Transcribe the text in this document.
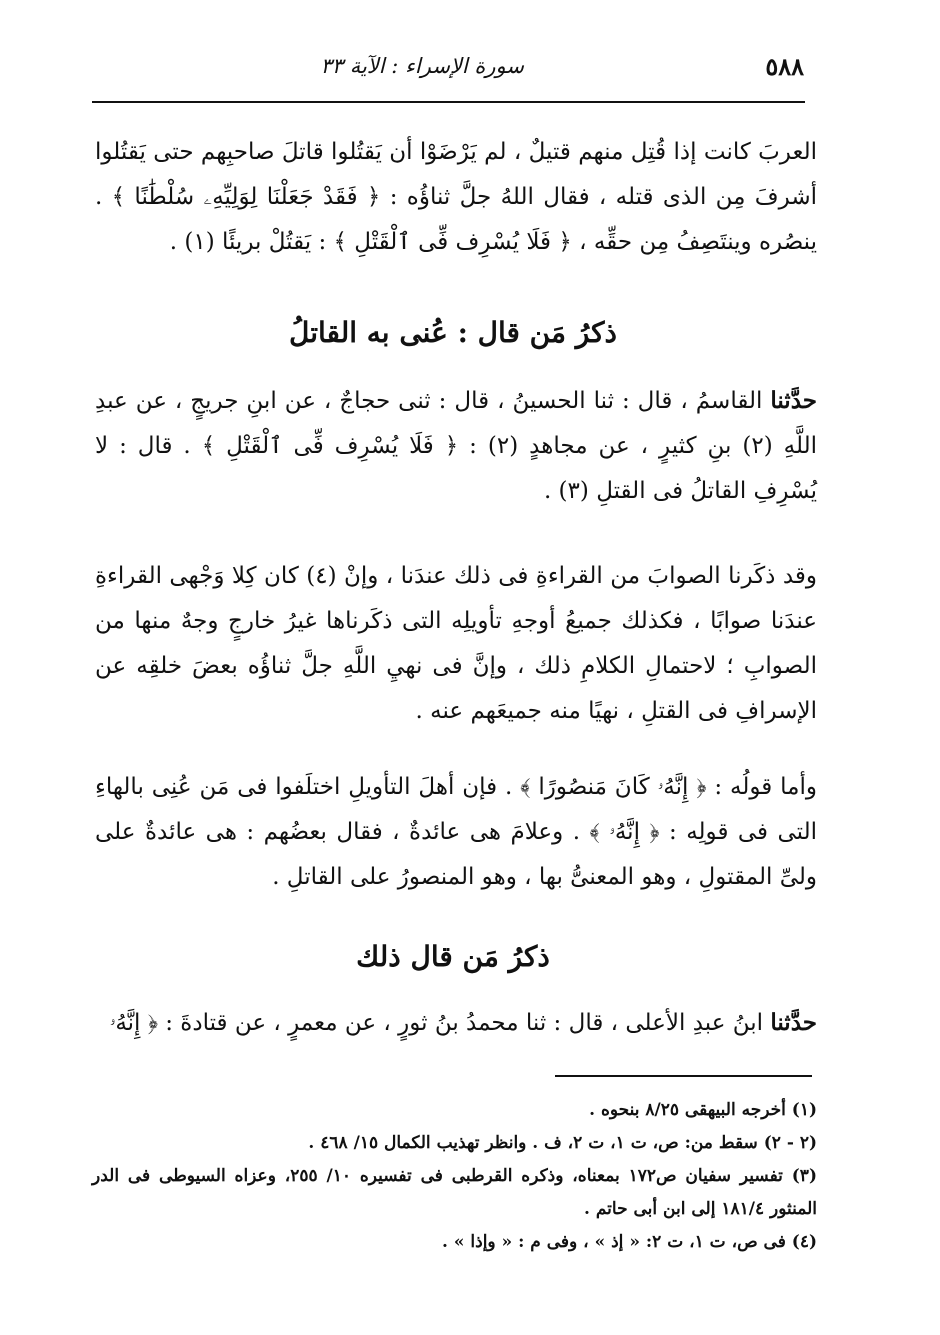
٥٨٨
سورة الإسراء : الآية ٣٣

العربَ كانت إذا قُتِل منهم قتيلٌ ، لم يَرْضَوْا أن يَقتُلوا قاتلَ صاحبِهم حتى يَقتُلوا أشرفَ مِن الذى قتله ، فقال اللهُ جلَّ ثناؤُه : ﴿ فَقَدْ جَعَلْنَا لِوَلِيِّهِۦ سُلْطَٰنًا ﴾ . ينصُره وينتَصِفُ مِن حقِّه ، ﴿ فَلَا يُسْرِف فِّى ٱلْقَتْلِ ﴾ : يَقتُلْ بريئًا (١) .

ذكرُ مَن قال : عُنى به القاتلُ

حدَّثنا القاسمُ ، قال : ثنا الحسينُ ، قال : ثنى حجاجٌ ، عن ابنِ جريجٍ ، عن عبدِ اللَّهِ (٢) بنِ كثيرٍ ، عن مجاهدٍ (٢) : ﴿ فَلَا يُسْرِف فِّى ٱلْقَتْلِ ﴾ . قال : لا يُسْرِفِ القاتلُ فى القتلِ (٣) .

وقد ذكَرنا الصوابَ من القراءةِ فى ذلك عندَنا ، وإنْ (٤) كان كِلا وَجْهى القراءةِ عندَنا صوابًا ، فكذلك جميعُ أوجهِ تأويلِه التى ذكَرناها غيرُ خارجٍ وجهٌ منها من الصوابِ ؛ لاحتمالِ الكلامِ ذلك ، وإنَّ فى نهيِ اللَّهِ جلَّ ثناؤُه بعضَ خلقِه عن الإسرافِ فى القتلِ ، نهيًا منه جميعَهم عنه .

وأما قولُه : ﴿ إِنَّهُۥ كَانَ مَنصُورًا ﴾ . فإن أهلَ التأويلِ اختلَفوا فى مَن عُنِى بالهاءِ التى فى قولِه : ﴿ إِنَّهُۥ ﴾ . وعلامَ هى عائدةٌ ، فقال بعضُهم : هى عائدةٌ على ولىِّ المقتولِ ، وهو المعنىُّ بها ، وهو المنصورُ على القاتلِ .

ذكرُ مَن قال ذلك

حدَّثنا ابنُ عبدِ الأعلى ، قال : ثنا محمدُ بنُ ثورٍ ، عن معمرٍ ، عن قتادةَ : ﴿ إِنَّهُۥ

(١) أخرجه البيهقى ٨/٢٥ بنحوه .

(٢ - ٢) سقط من: ص، ت ١، ت ٢، ف . وانظر تهذيب الكمال ١٥/ ٤٦٨ .

(٣) تفسير سفيان ص١٧٢ بمعناه، وذكره القرطبى فى تفسيره ١٠/ ٢٥٥، وعزاه السيوطى فى الدر المنثور ١٨١/٤ إلى ابن أبى حاتم .

(٤) فى ص، ت ١، ت ٢: « إذ » ، وفى م : « وإذا » .
